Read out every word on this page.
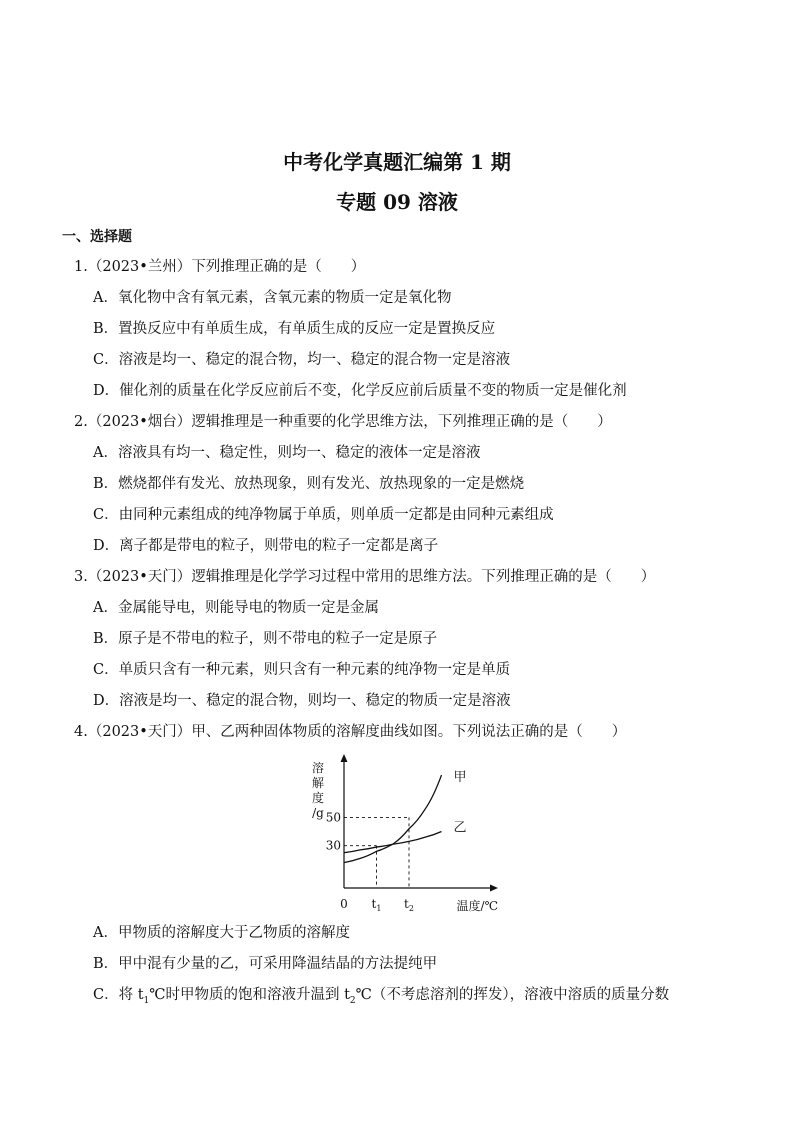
中考化学真题汇编第 1 期
专题 09 溶液
一、选择题
1.（2023•兰州）下列推理正确的是（　　）
A．氧化物中含有氧元素，含氧元素的物质一定是氧化物
B．置换反应中有单质生成，有单质生成的反应一定是置换反应
C．溶液是均一、稳定的混合物，均一、稳定的混合物一定是溶液
D．催化剂的质量在化学反应前后不变，化学反应前后质量不变的物质一定是催化剂
2.（2023•烟台）逻辑推理是一种重要的化学思维方法，下列推理正确的是（　　）
A．溶液具有均一、稳定性，则均一、稳定的液体一定是溶液
B．燃烧都伴有发光、放热现象，则有发光、放热现象的一定是燃烧
C．由同种元素组成的纯净物属于单质，则单质一定都是由同种元素组成
D．离子都是带电的粒子，则带电的粒子一定都是离子
3.（2023•天门）逻辑推理是化学学习过程中常用的思维方法。下列推理正确的是（　　）
A．金属能导电，则能导电的物质一定是金属
B．原子是不带电的粒子，则不带电的粒子一定是原子
C．单质只含有一种元素，则只含有一种元素的纯净物一定是单质
D．溶液是均一、稳定的混合物，则均一、稳定的物质一定是溶液
4.（2023•天门）甲、乙两种固体物质的溶解度曲线如图。下列说法正确的是（　　）
溶
解
度
/g
温度/℃
0
30
50
$t_1$ $t_2$
甲
乙
A．甲物质的溶解度大于乙物质的溶解度
B．甲中混有少量的乙，可采用降温结晶的方法提纯甲
C．将 $t_1℃$时甲物质的饱和溶液升温到 $t_2℃$（不考虑溶剂的挥发），溶液中溶质的质量分数
